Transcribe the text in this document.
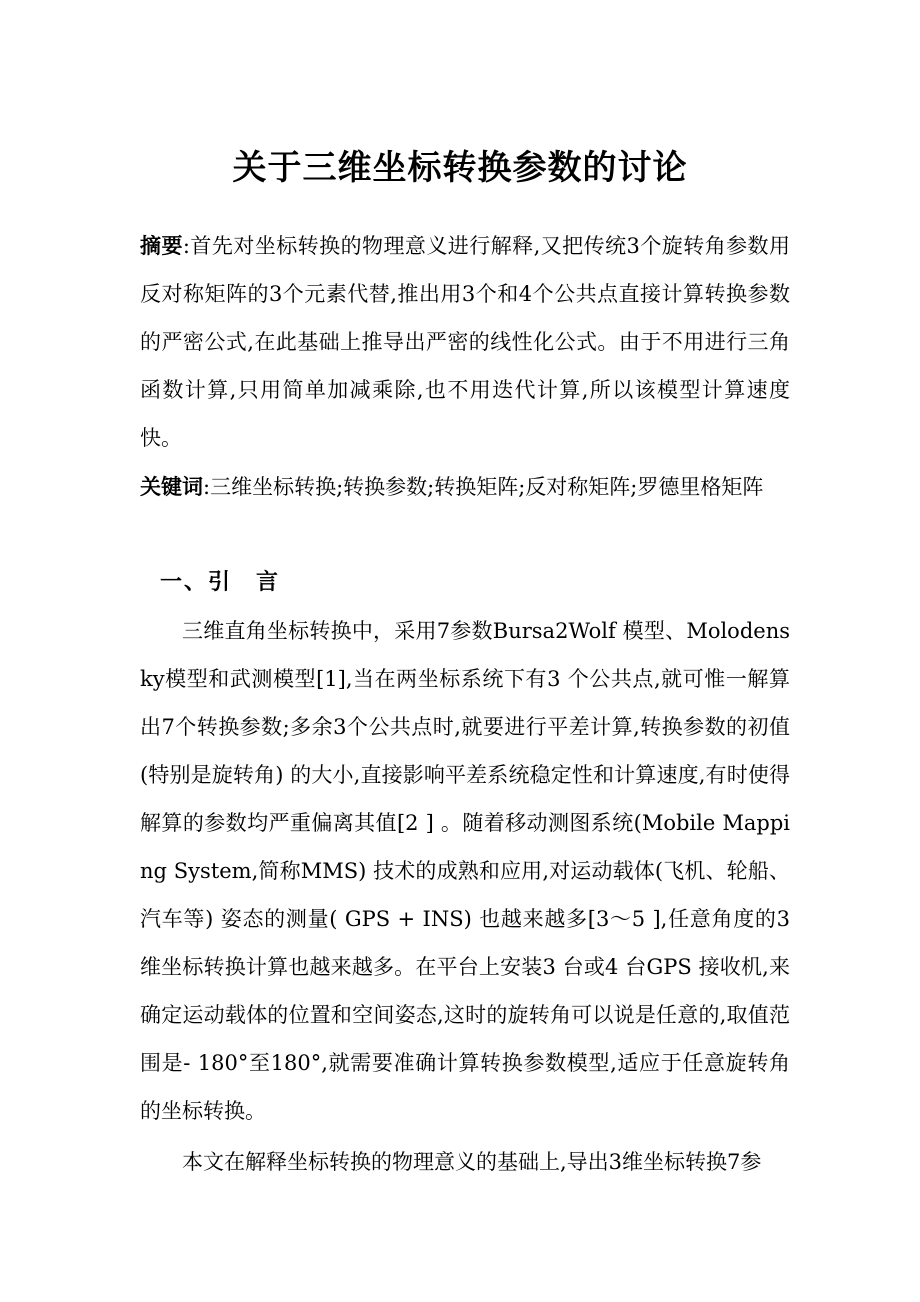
关于三维坐标转换参数的讨论
摘要:首先对坐标转换的物理意义进行解释,又把传统3个旋转角参数用反对称矩阵的3个元素代替,推出用3个和4个公共点直接计算转换参数的严密公式,在此基础上推导出严密的线性化公式。由于不用进行三角函数计算,只用简单加减乘除,也不用迭代计算,所以该模型计算速度快。
关键词:三维坐标转换;转换参数;转换矩阵;反对称矩阵;罗德里格矩阵
一、引　言
三维直角坐标转换中，采用7参数Bursa2Wolf 模型、Molodensky模型和武测模型[1],当在两坐标系统下有3 个公共点,就可惟一解算出7个转换参数;多余3个公共点时,就要进行平差计算,转换参数的初值(特别是旋转角) 的大小,直接影响平差系统稳定性和计算速度,有时使得解算的参数均严重偏离其值[2 ] 。随着移动测图系统(Mobile Mapping System,简称MMS) 技术的成熟和应用,对运动载体(飞机、轮船、汽车等) 姿态的测量( GPS + INS) 也越来越多[3～5 ],任意角度的3 维坐标转换计算也越来越多。在平台上安装3 台或4 台GPS 接收机,来确定运动载体的位置和空间姿态,这时的旋转角可以说是任意的,取值范围是- 180°至180°,就需要准确计算转换参数模型,适应于任意旋转角的坐标转换。
本文在解释坐标转换的物理意义的基础上,导出3维坐标转换7参
